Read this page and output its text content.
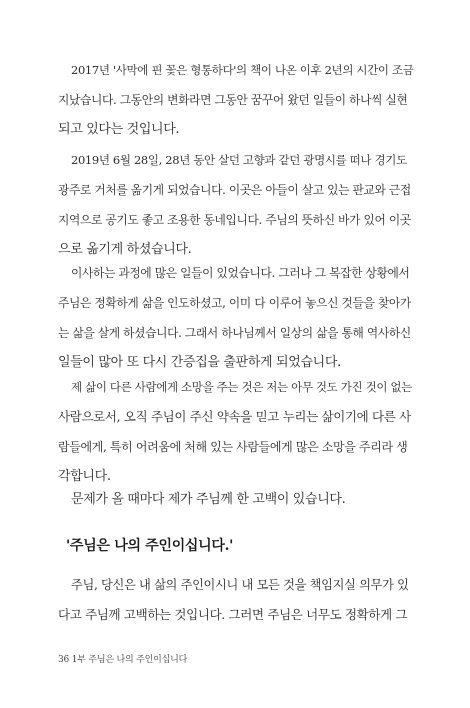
2017년 '사막에 핀 꽃은 형통하다'의 책이 나온 이후 2년의 시간이 조금
지났습니다. 그동안의 변화라면 그동안 꿈꾸어 왔던 일들이 하나씩 실현
되고 있다는 것입니다.
2019년 6월 28일, 28년 동안 살던 고향과 같던 광명시를 떠나 경기도
광주로 거처를 옮기게 되었습니다. 이곳은 아들이 살고 있는 판교와 근접
지역으로 공기도 좋고 조용한 동네입니다. 주님의 뜻하신 바가 있어 이곳
으로 옮기게 하셨습니다.
이사하는 과정에 많은 일들이 있었습니다. 그러나 그 복잡한 상황에서
주님은 정확하게 삶을 인도하셨고, 이미 다 이루어 놓으신 것들을 찾아가
는 삶을 살게 하셨습니다. 그래서 하나님께서 일상의 삶을 통해 역사하신
일들이 많아 또 다시 간증집을 출판하게 되었습니다.
제 삶이 다른 사람에게 소망을 주는 것은 저는 아무 것도 가진 것이 없는
사람으로서, 오직 주님이 주신 약속을 믿고 누리는 삶이기에 다른 사
람들에게, 특히 어려움에 처해 있는 사람들에게 많은 소망을 주리라 생
각합니다.
문제가 올 때마다 제가 주님께 한 고백이 있습니다.
'주님은 나의 주인이십니다.'
주님, 당신은 내 삶의 주인이시니 내 모든 것을 책임지실 의무가 있
다고 주님께 고백하는 것입니다. 그러면 주님은 너무도 정확하게 그
36 1부 주님은 나의 주인이십니다
